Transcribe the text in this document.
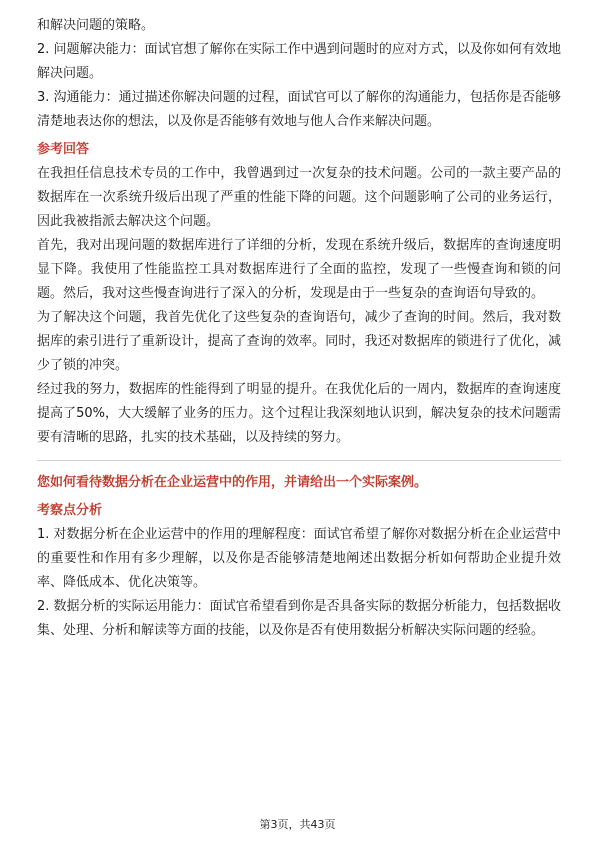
和解决问题的策略。

2. 问题解决能力：面试官想了解你在实际工作中遇到问题时的应对方式，以及你如何有效地解决问题。

3. 沟通能力：通过描述你解决问题的过程，面试官可以了解你的沟通能力，包括你是否能够清楚地表达你的想法，以及你是否能够有效地与他人合作来解决问题。

参考回答

在我担任信息技术专员的工作中，我曾遇到过一次复杂的技术问题。公司的一款主要产品的数据库在一次系统升级后出现了严重的性能下降的问题。这个问题影响了公司的业务运行，因此我被指派去解决这个问题。

首先，我对出现问题的数据库进行了详细的分析，发现在系统升级后，数据库的查询速度明显下降。我使用了性能监控工具对数据库进行了全面的监控，发现了一些慢查询和锁的问题。然后，我对这些慢查询进行了深入的分析，发现是由于一些复杂的查询语句导致的。

为了解决这个问题，我首先优化了这些复杂的查询语句，减少了查询的时间。然后，我对数据库的索引进行了重新设计，提高了查询的效率。同时，我还对数据库的锁进行了优化，减少了锁的冲突。

经过我的努力，数据库的性能得到了明显的提升。在我优化后的一周内，数据库的查询速度提高了50%，大大缓解了业务的压力。这个过程让我深刻地认识到，解决复杂的技术问题需要有清晰的思路，扎实的技术基础，以及持续的努力。

您如何看待数据分析在企业运营中的作用，并请给出一个实际案例。

考察点分析

1. 对数据分析在企业运营中的作用的理解程度：面试官希望了解你对数据分析在企业运营中的重要性和作用有多少理解，以及你是否能够清楚地阐述出数据分析如何帮助企业提升效率、降低成本、优化决策等。

2. 数据分析的实际运用能力：面试官希望看到你是否具备实际的数据分析能力，包括数据收集、处理、分析和解读等方面的技能，以及你是否有使用数据分析解决实际问题的经验。

第3页，共43页
